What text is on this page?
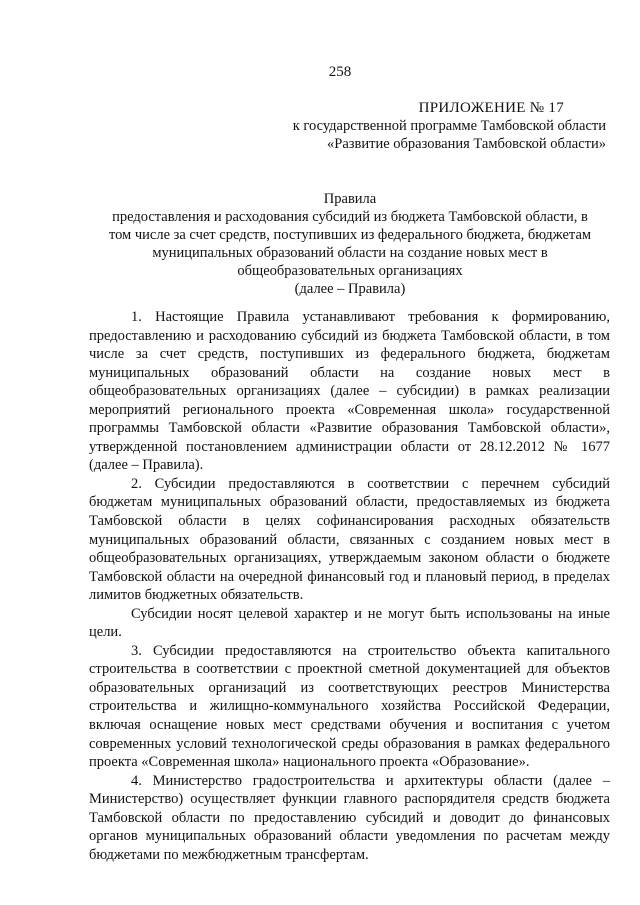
258
ПРИЛОЖЕНИЕ № 17
к государственной программе Тамбовской области
«Развитие образования Тамбовской области»
Правила
предоставления и расходования субсидий из бюджета Тамбовской области, в
том числе за счет средств, поступивших из федерального бюджета, бюджетам
муниципальных образований области на создание новых мест в
общеобразовательных организациях
(далее – Правила)

1. Настоящие Правила устанавливают требования к формированию, предоставлению и расходованию субсидий из бюджета Тамбовской области, в том числе за счет средств, поступивших из федерального бюджета, бюджетам муниципальных образований области на создание новых мест в общеобразовательных организациях (далее – субсидии) в рамках реализации мероприятий регионального проекта «Современная школа» государственной программы Тамбовской области «Развитие образования Тамбовской области», утвержденной постановлением администрации области от 28.12.2012 № 1677 (далее – Правила).

2. Субсидии предоставляются в соответствии с перечнем субсидий бюджетам муниципальных образований области, предоставляемых из бюджета Тамбовской области в целях софинансирования расходных обязательств муниципальных образований области, связанных с созданием новых мест в общеобразовательных организациях, утверждаемым законом области о бюджете Тамбовской области на очередной финансовый год и плановый период, в пределах лимитов бюджетных обязательств.

Субсидии носят целевой характер и не могут быть использованы на иные цели.

3. Субсидии предоставляются на строительство объекта капитального строительства в соответствии с проектной сметной документацией для объектов образовательных организаций из соответствующих реестров Министерства строительства и жилищно-коммунального хозяйства Российской Федерации, включая оснащение новых мест средствами обучения и воспитания с учетом современных условий технологической среды образования в рамках федерального проекта «Современная школа» национального проекта «Образование».

4. Министерство градостроительства и архитектуры области (далее – Министерство) осуществляет функции главного распорядителя средств бюджета Тамбовской области по предоставлению субсидий и доводит до финансовых органов муниципальных образований области уведомления по расчетам между бюджетами по межбюджетным трансфертам.
